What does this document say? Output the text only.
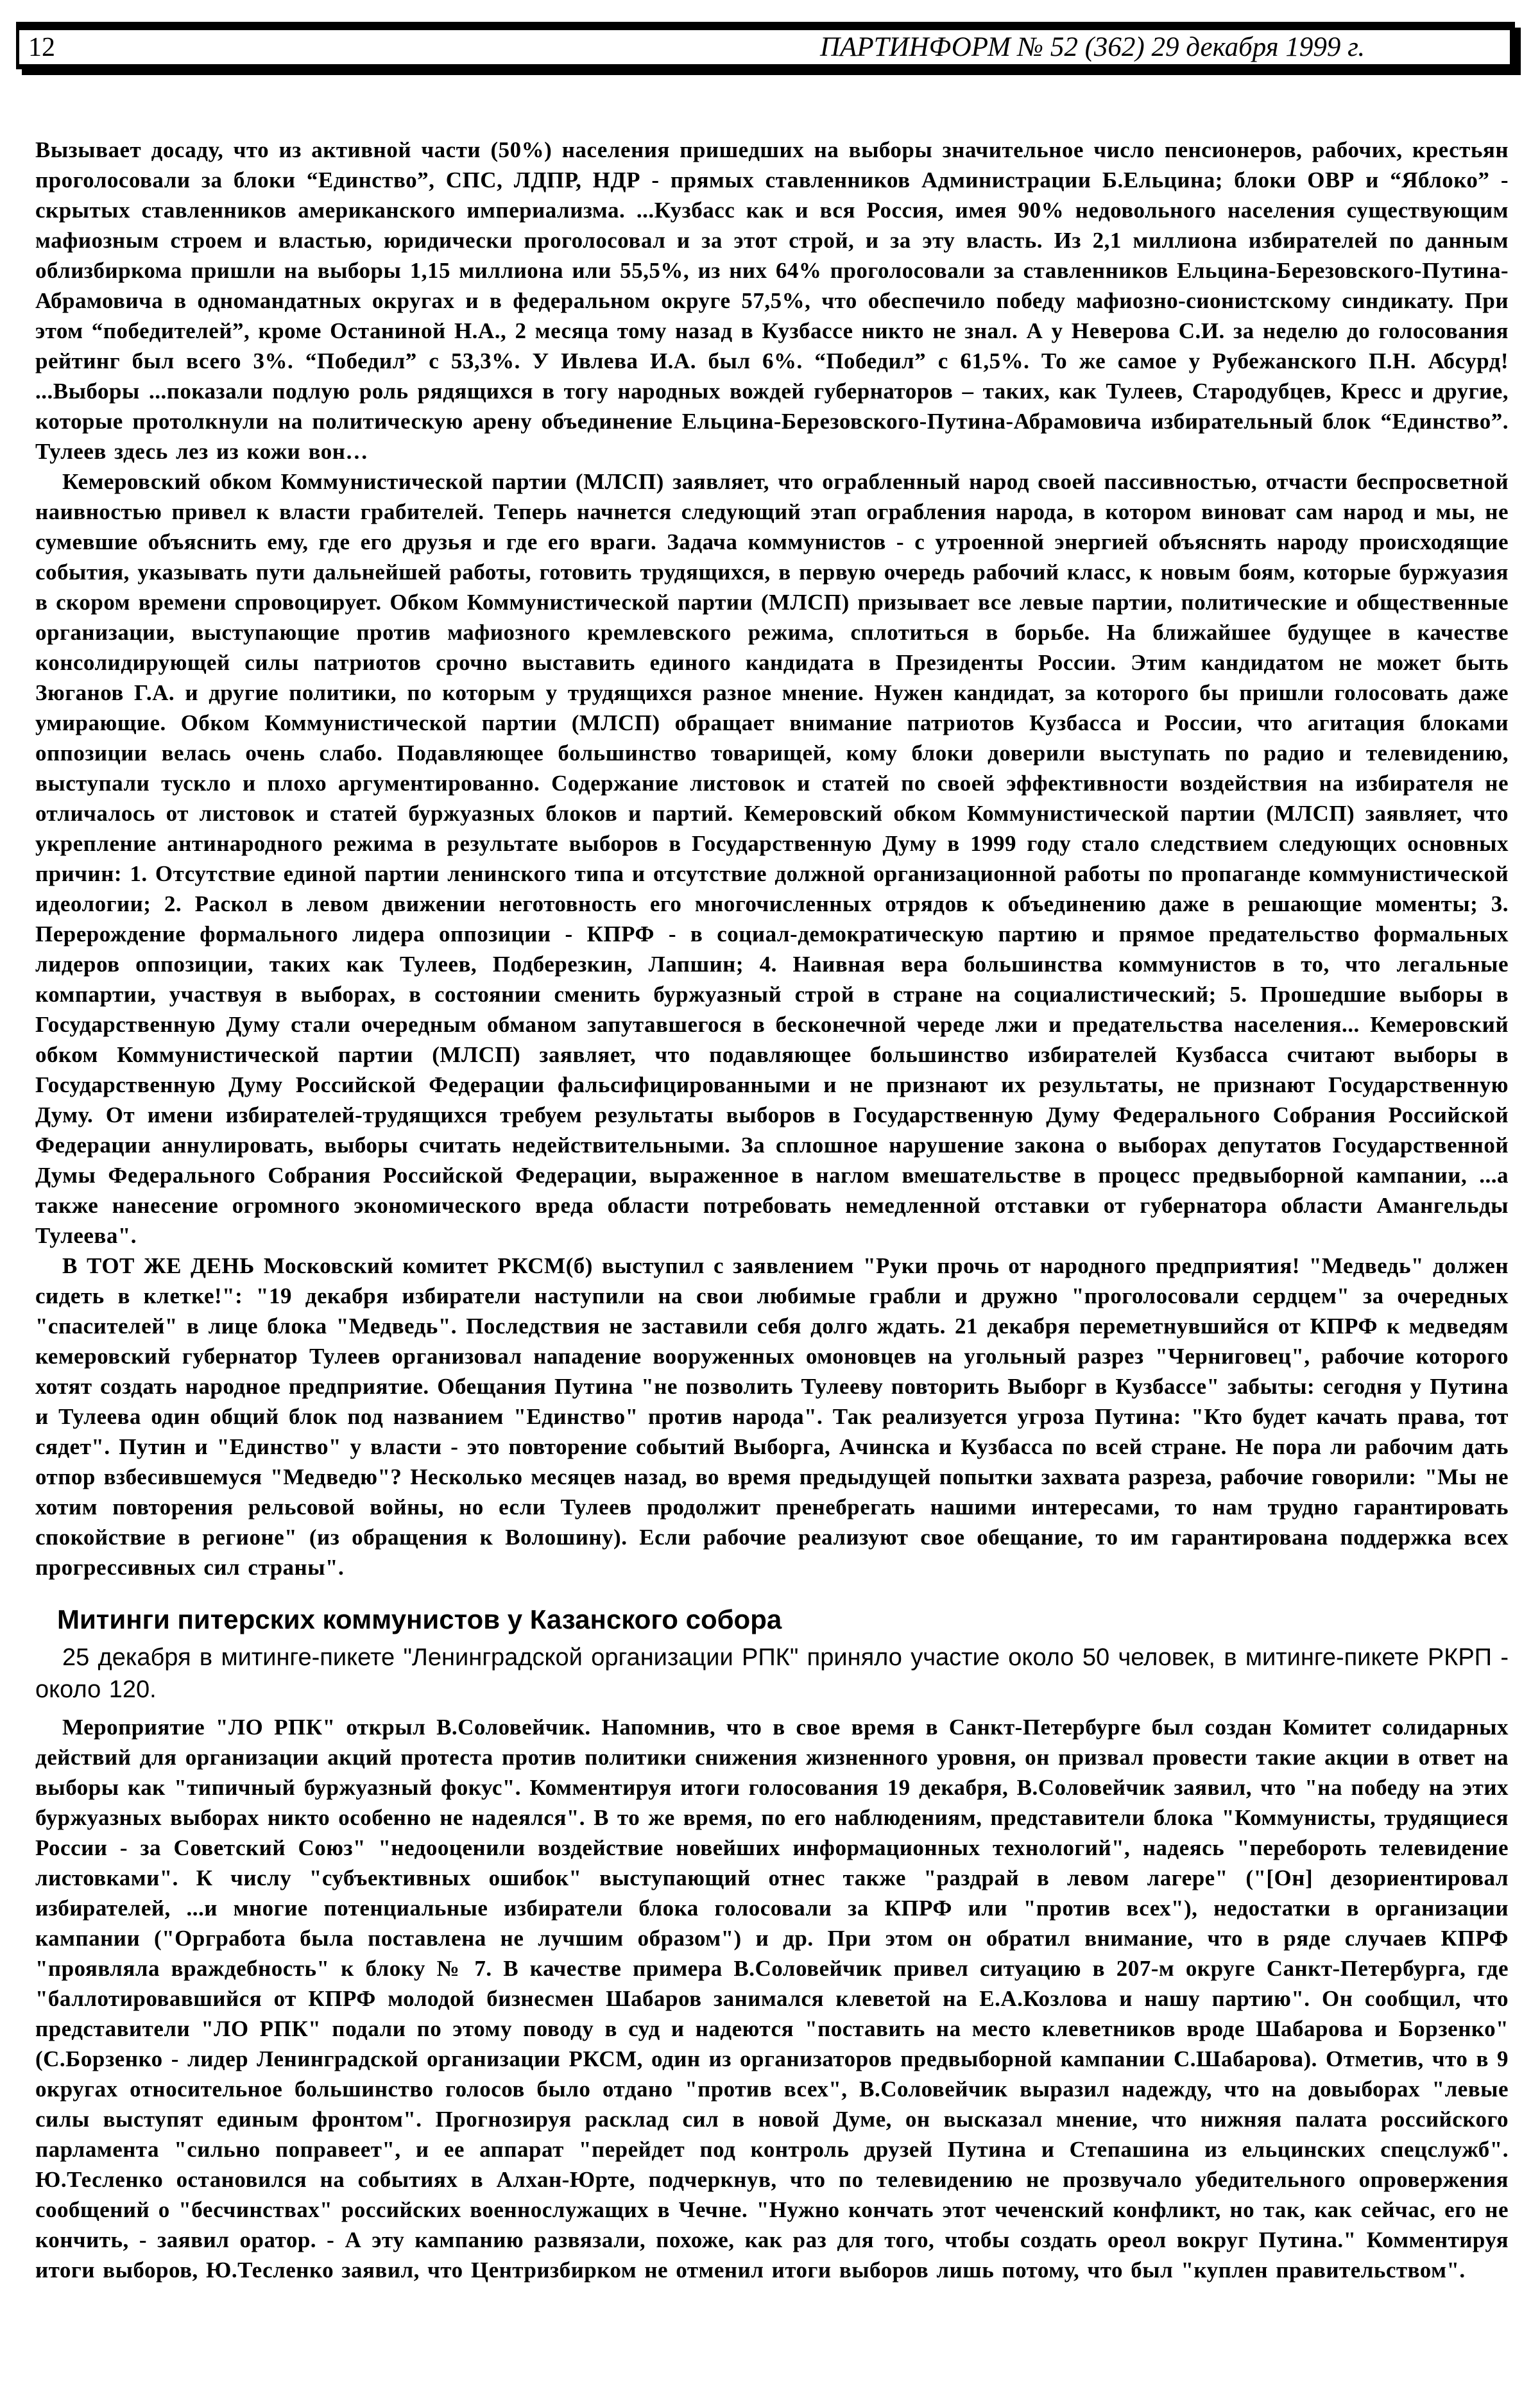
12	ПАРТИНФОРМ № 52 (362) 29 декабря 1999 г.

Вызывает досаду, что из активной части (50%) населения пришедших на выборы значительное число пенсионеров, рабочих, крестьян проголосовали за блоки “Единство”, СПС, ЛДПР, НДР - прямых ставленников Администрации Б.Ельцина; блоки ОВР и “Яблоко” - скрытых ставленников американского империализма. ...Кузбасс как и вся Россия, имея 90% недовольного населения существующим мафиозным строем и властью, юридически проголосовал и за этот строй, и за эту власть. Из 2,1 миллиона избирателей по данным облизбиркома пришли на выборы 1,15 миллиона или 55,5%, из них 64% проголосовали за ставленников Ельцина-Березовского-Путина-Абрамовича в одномандатных округах и в федеральном округе 57,5%, что обеспечило победу мафиозно-сионистскому синдикату. При этом “победителей”, кроме Останиной Н.А., 2 месяца тому назад в Кузбассе никто не знал. А у Неверова С.И. за неделю до голосования рейтинг был всего 3%. “Победил” с 53,3%. У Ивлева И.А. был 6%. “Победил” с 61,5%. То же самое у Рубежанского П.Н. Абсурд! ...Выборы ...показали подлую роль рядящихся в тогу народных вождей губернаторов – таких, как Тулеев, Стародубцев, Кресс и другие, которые протолкнули на политическую арену объединение Ельцина-Березовского-Путина-Абрамовича избирательный блок “Единство”. Тулеев здесь лез из кожи вон…

Кемеровский обком Коммунистической партии (МЛСП) заявляет, что ограбленный народ своей пассивностью, отчасти беспросветной наивностью привел к власти грабителей. Теперь начнется следующий этап ограбления народа, в котором виноват сам народ и мы, не сумевшие объяснить ему, где его друзья и где его враги. Задача коммунистов - с утроенной энергией объяснять народу происходящие события, указывать пути дальнейшей работы, готовить трудящихся, в первую очередь рабочий класс, к новым боям, которые буржуазия в скором времени спровоцирует. Обком Коммунистической партии (МЛСП) призывает все левые партии, политические и общественные организации, выступающие против мафиозного кремлевского режима, сплотиться в борьбе. На ближайшее будущее в качестве консолидирующей силы патриотов срочно выставить единого кандидата в Президенты России. Этим кандидатом не может быть Зюганов Г.А. и другие политики, по которым у трудящихся разное мнение. Нужен кандидат, за которого бы пришли голосовать даже умирающие. Обком Коммунистической партии (МЛСП) обращает внимание патриотов Кузбасса и России, что агитация блоками оппозиции велась очень слабо. Подавляющее большинство товарищей, кому блоки доверили выступать по радио и телевидению, выступали тускло и плохо аргументированно. Содержание листовок и статей по своей эффективности воздействия на избирателя не отличалось от листовок и статей буржуазных блоков и партий. Кемеровский обком Коммунистической партии (МЛСП) заявляет, что укрепление антинародного режима в результате выборов в Государственную Думу в 1999 году стало следствием следующих основных причин: 1. Отсутствие единой партии ленинского типа и отсутствие должной организационной работы по пропаганде коммунистической идеологии; 2. Раскол в левом движении неготовность его многочисленных отрядов к объединению даже в решающие моменты; 3. Перерождение формального лидера оппозиции - КПРФ - в социал-демократическую партию и прямое предательство формальных лидеров оппозиции, таких как Тулеев, Подберезкин, Лапшин; 4. Наивная вера большинства коммунистов в то, что легальные компартии, участвуя в выборах, в состоянии сменить буржуазный строй в стране на социалистический; 5. Прошедшие выборы в Государственную Думу стали очередным обманом запутавшегося в бесконечной череде лжи и предательства населения... Кемеровский обком Коммунистической партии (МЛСП) заявляет, что подавляющее большинство избирателей Кузбасса считают выборы в Государственную Думу Российской Федерации фальсифицированными и не признают их результаты, не признают Государственную Думу. От имени избирателей-трудящихся требуем результаты выборов в Государственную Думу Федерального Собрания Российской Федерации аннулировать, выборы считать недействительными. За сплошное нарушение закона о выборах депутатов Государственной Думы Федерального Собрания Российской Федерации, выраженное в наглом вмешательстве в процесс предвыборной кампании, ...а также нанесение огромного экономического вреда области потребовать немедленной отставки от губернатора области Амангельды Тулеева".

В ТОТ ЖЕ ДЕНЬ Московский комитет РКСМ(б) выступил с заявлением "Руки прочь от народного предприятия! "Медведь" должен сидеть в клетке!": "19 декабря избиратели наступили на свои любимые грабли и дружно "проголосовали сердцем" за очередных "спасителей" в лице блока "Медведь". Последствия не заставили себя долго ждать. 21 декабря переметнувшийся от КПРФ к медведям кемеровский губернатор Тулеев организовал нападение вооруженных омоновцев на угольный разрез "Черниговец", рабочие которого хотят создать народное предприятие. Обещания Путина "не позволить Тулееву повторить Выборг в Кузбассе" забыты: сегодня у Путина и Тулеева один общий блок под названием "Единство" против народа". Так реализуется угроза Путина: "Кто будет качать права, тот сядет". Путин и "Единство" у власти - это повторение событий Выборга, Ачинска и Кузбасса по всей стране. Не пора ли рабочим дать отпор взбесившемуся "Медведю"? Несколько месяцев назад, во время предыдущей попытки захвата разреза, рабочие говорили: "Мы не хотим повторения рельсовой войны, но если Тулеев продолжит пренебрегать нашими интересами, то нам трудно гарантировать спокойствие в регионе" (из обращения к Волошину). Если рабочие реализуют свое обещание, то им гарантирована поддержка всех прогрессивных сил страны".

Митинги питерских коммунистов у Казанского собора

25 декабря в митинге-пикете "Ленинградской организации РПК" приняло участие около 50 человек, в митинге-пикете РКРП - около 120.

Мероприятие "ЛО РПК" открыл В.Соловейчик. Напомнив, что в свое время в Санкт-Петербурге был создан Комитет солидарных действий для организации акций протеста против политики снижения жизненного уровня, он призвал провести такие акции в ответ на выборы как "типичный буржуазный фокус". Комментируя итоги голосования 19 декабря, В.Соловейчик заявил, что "на победу на этих буржуазных выборах никто особенно не надеялся". В то же время, по его наблюдениям, представители блока "Коммунисты, трудящиеся России - за Советский Союз" "недооценили воздействие новейших информационных технологий", надеясь "перебороть телевидение листовками". К числу "субъективных ошибок" выступающий отнес также "раздрай в левом лагере" ("[Он] дезориентировал избирателей, ...и многие потенциальные избиратели блока голосовали за КПРФ или "против всех"), недостатки в организации кампании ("Оргработа была поставлена не лучшим образом") и др. При этом он обратил внимание, что в ряде случаев КПРФ "проявляла враждебность" к блоку № 7. В качестве примера В.Соловейчик привел ситуацию в 207-м округе Санкт-Петербурга, где "баллотировавшийся от КПРФ молодой бизнесмен Шабаров занимался клеветой на Е.А.Козлова и нашу партию". Он сообщил, что представители "ЛО РПК" подали по этому поводу в суд и надеются "поставить на место клеветников вроде Шабарова и Борзенко" (С.Борзенко - лидер Ленинградской организации РКСМ, один из организаторов предвыборной кампании С.Шабарова). Отметив, что в 9 округах относительное большинство голосов было отдано "против всех", В.Соловейчик выразил надежду, что на довыборах "левые силы выступят единым фронтом". Прогнозируя расклад сил в новой Думе, он высказал мнение, что нижняя палата российского парламента "сильно поправеет", и ее аппарат "перейдет под контроль друзей Путина и Степашина из ельцинских спецслужб". Ю.Тесленко остановился на событиях в Алхан-Юрте, подчеркнув, что по телевидению не прозвучало убедительного опровержения сообщений о "бесчинствах" российских военнослужащих в Чечне. "Нужно кончать этот чеченский конфликт, но так, как сейчас, его не кончить, - заявил оратор. - А эту кампанию развязали, похоже, как раз для того, чтобы создать ореол вокруг Путина." Комментируя итоги выборов, Ю.Тесленко заявил, что Центризбирком не отменил итоги выборов лишь потому, что был "куплен правительством".
